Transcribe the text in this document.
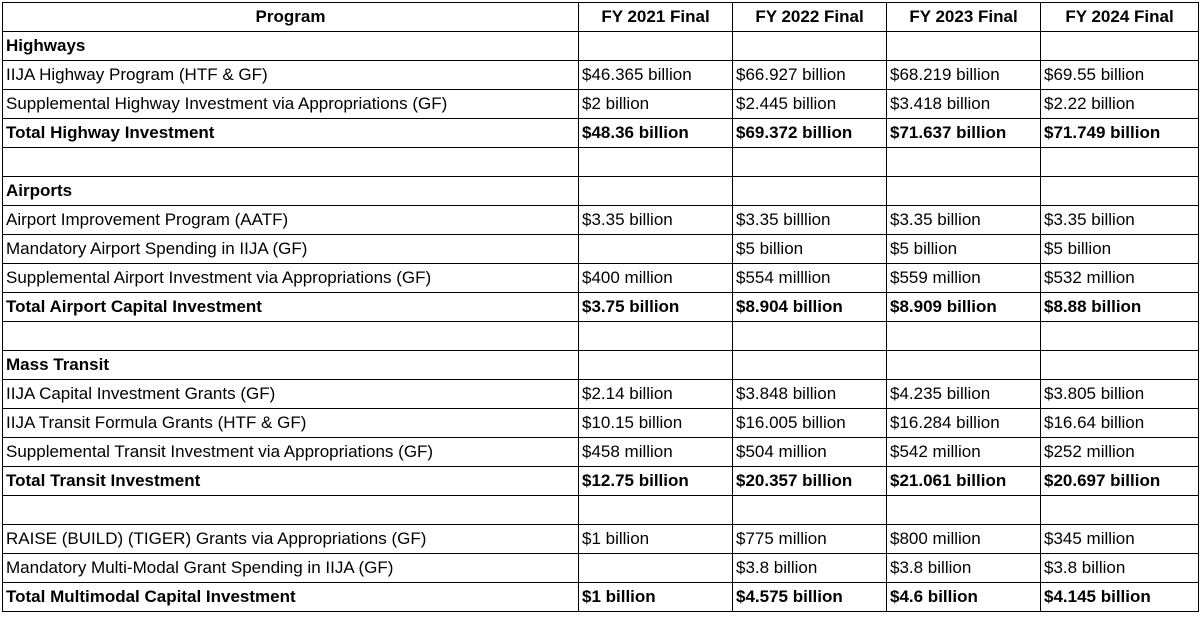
Program	FY 2021 Final	FY 2022 Final	FY 2023 Final	FY 2024 Final
Highways				
IIJA Highway Program (HTF & GF)	$46.365 billion	$66.927 billion	$68.219 billion	$69.55 billion
Supplemental Highway Investment via Appropriations (GF)	$2 billion	$2.445 billion	$3.418 billion	$2.22 billion
Total Highway Investment	$48.36 billion	$69.372 billion	$71.637 billion	$71.749 billion

Airports				
Airport Improvement Program (AATF)	$3.35 billion	$3.35 billlion	$3.35 billion	$3.35 billion
Mandatory Airport Spending in IIJA (GF)		$5 billion	$5 billion	$5 billion
Supplemental Airport Investment via Appropriations (GF)	$400 million	$554 milllion	$559 million	$532 million
Total Airport Capital Investment	$3.75 billion	$8.904 billion	$8.909 billion	$8.88 billion

Mass Transit				
IIJA Capital Investment Grants (GF)	$2.14 billion	$3.848 billion	$4.235 billion	$3.805 billion
IIJA Transit Formula Grants (HTF & GF)	$10.15 billion	$16.005 billion	$16.284 billion	$16.64 billion
Supplemental Transit Investment via Appropriations (GF)	$458 million	$504 million	$542 million	$252 million
Total Transit Investment	$12.75 billion	$20.357 billion	$21.061 billion	$20.697 billion

RAISE (BUILD) (TIGER) Grants via Appropriations (GF)	$1 billion	$775 million	$800 million	$345 million
Mandatory Multi-Modal Grant Spending in IIJA (GF)		$3.8 billion	$3.8 billion	$3.8 billion
Total Multimodal Capital Investment	$1 billion	$4.575 billion	$4.6 billion	$4.145 billion
